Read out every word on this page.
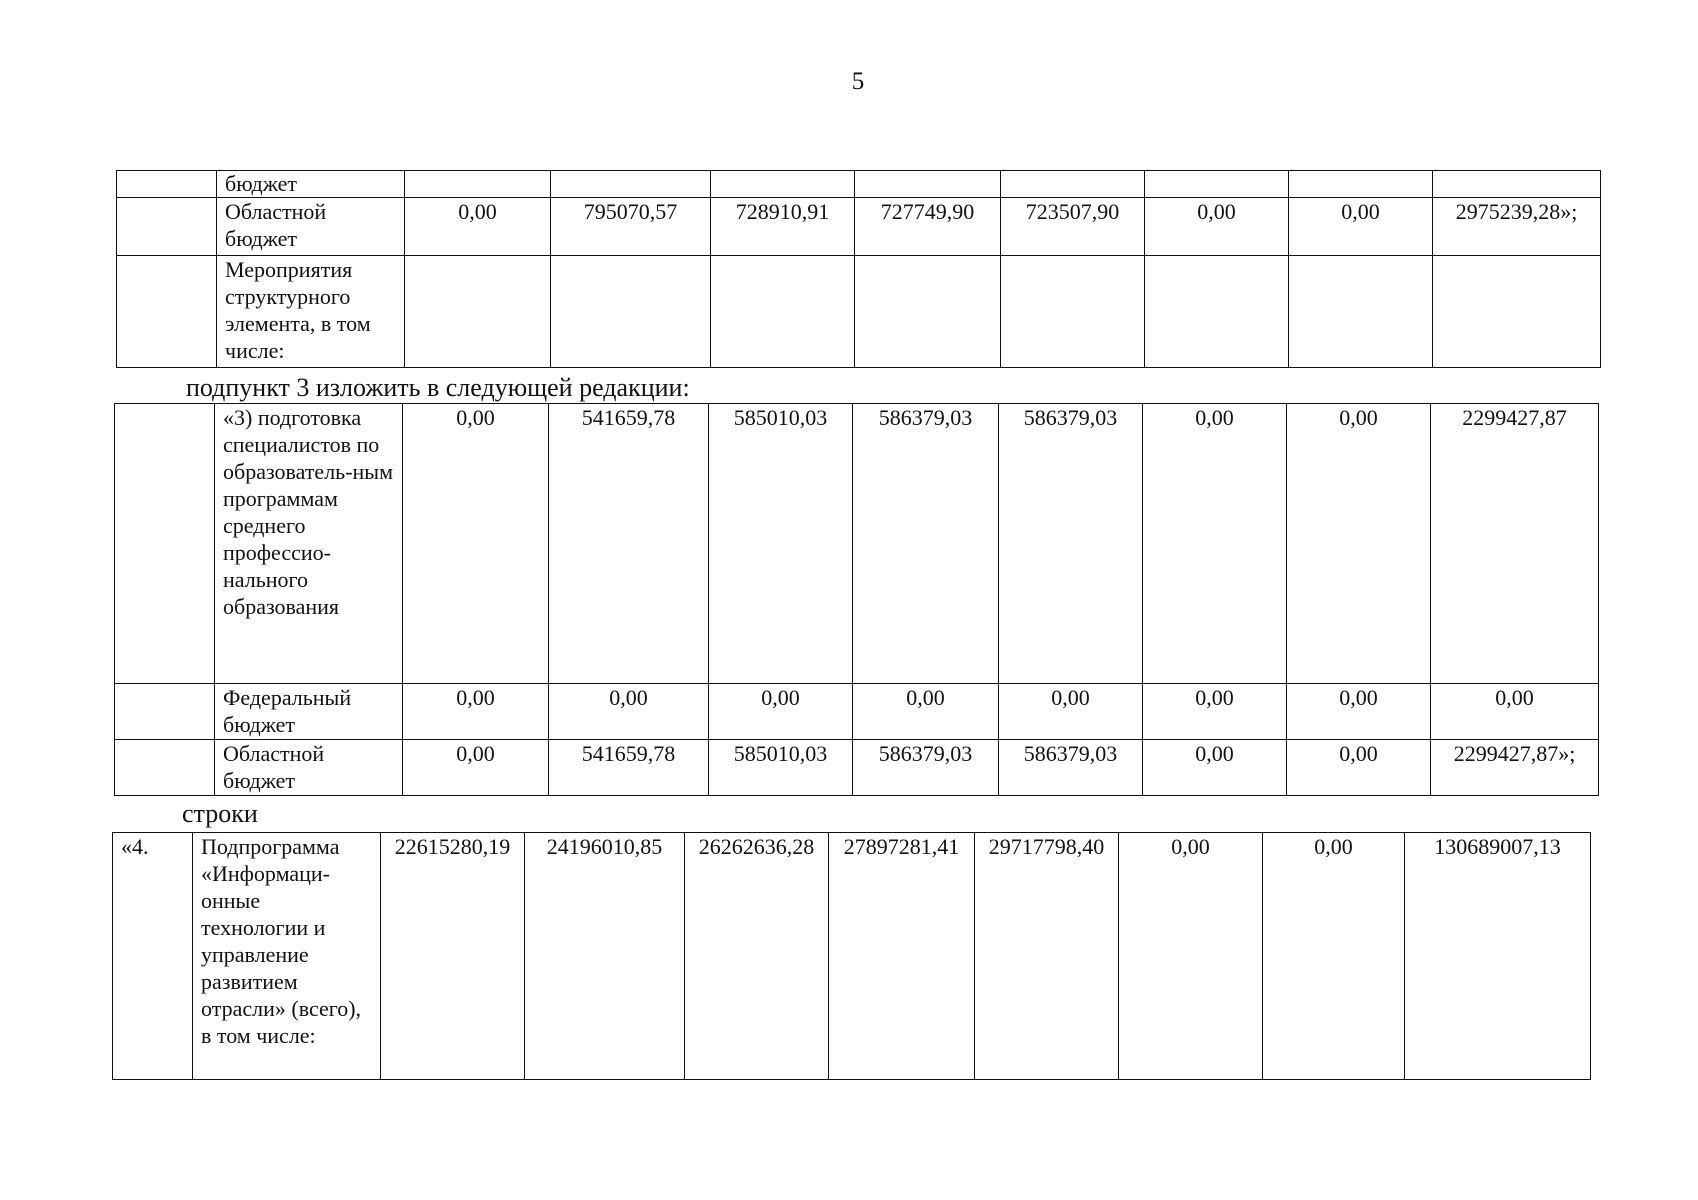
5
	бюджет								
	Областной бюджет	0,00	795070,57	728910,91	727749,90	723507,90	0,00	0,00	2975239,28»;
	Мероприятия структурного элемента, в том числе:								
подпункт 3 изложить в следующей редакции:
	«3) подготовка специалистов по образователь-ным программам среднего профессио-нального образования	0,00	541659,78	585010,03	586379,03	586379,03	0,00	0,00	2299427,87
	Федеральный бюджет	0,00	0,00	0,00	0,00	0,00	0,00	0,00	0,00
	Областной бюджет	0,00	541659,78	585010,03	586379,03	586379,03	0,00	0,00	2299427,87»;
строки
«4.	Подпрограмма «Информаци-онные технологии и управление развитием отрасли» (всего), в том числе:	22615280,19	24196010,85	26262636,28	27897281,41	29717798,40	0,00	0,00	130689007,13
